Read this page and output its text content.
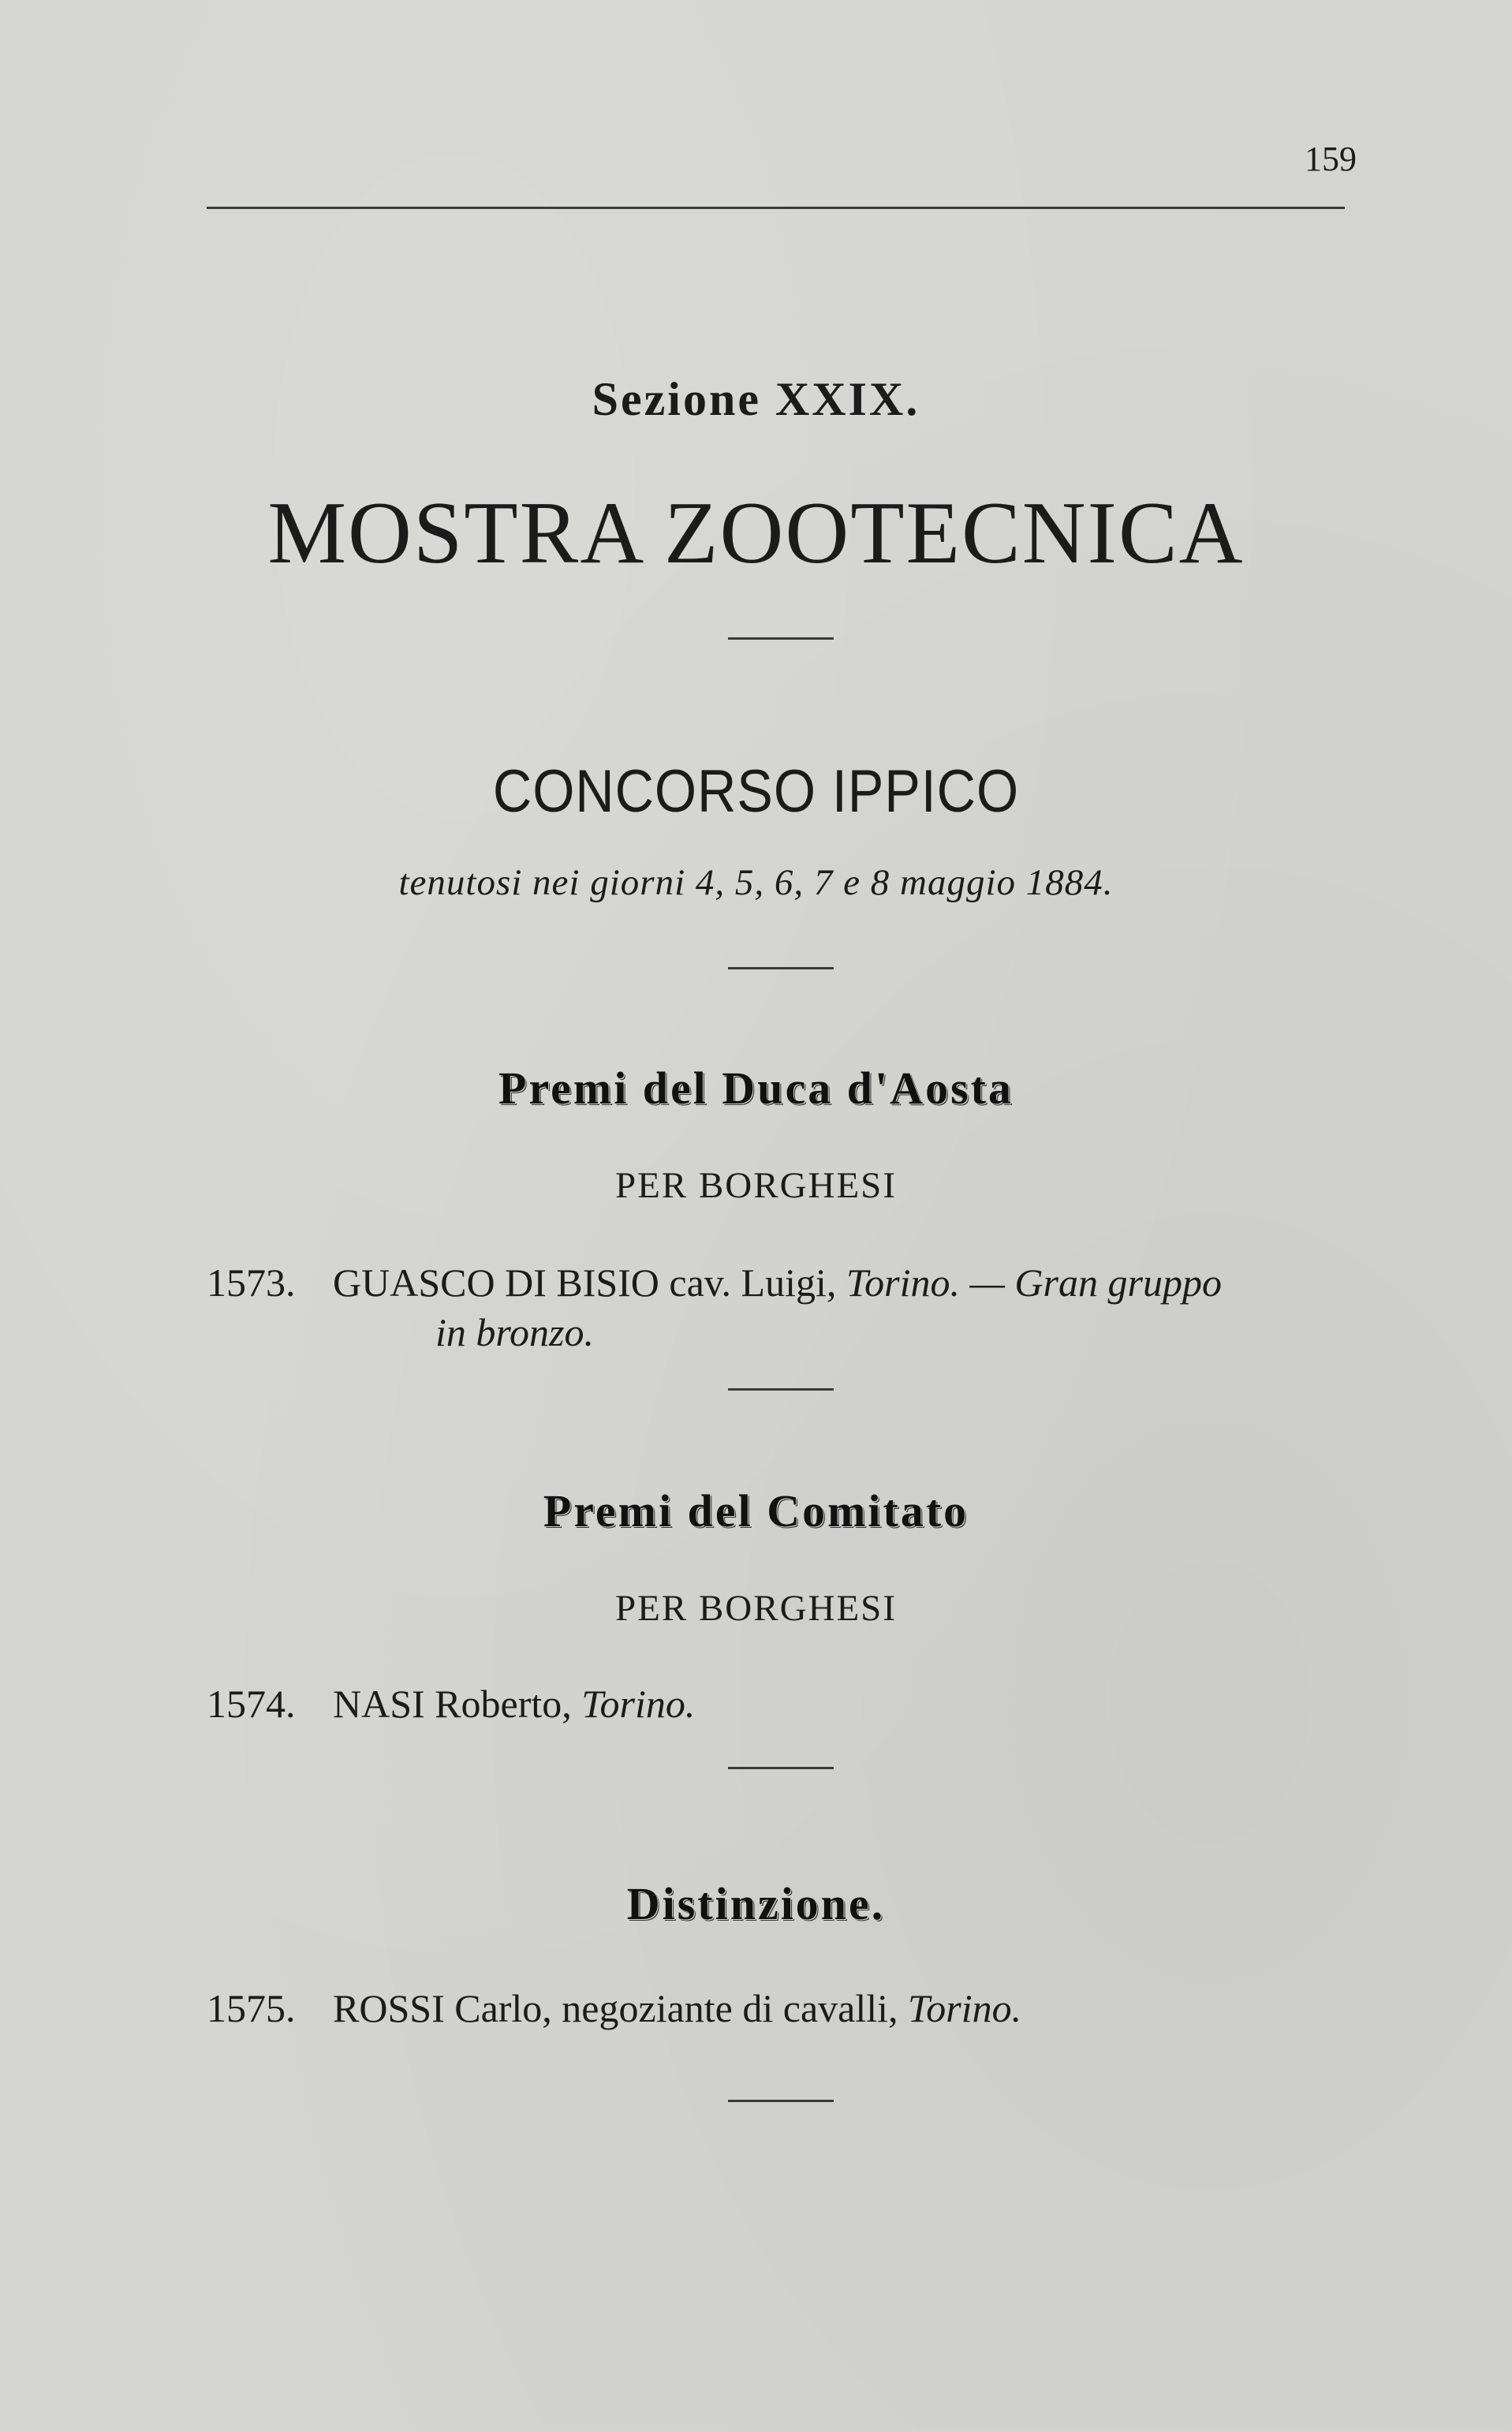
159
Sezione XXIX.
MOSTRA ZOOTECNICA
CONCORSO IPPICO
tenutosi nei giorni 4, 5, 6, 7 e 8 maggio 1884.
Premi del Duca d'Aosta
PER BORGHESI
1573. GUASCO DI BISIO cav. Luigi, Torino. — Gran gruppo
in bronzo.
Premi del Comitato
PER BORGHESI
1574. NASI Roberto, Torino.
Distinzione.
1575. ROSSI Carlo, negoziante di cavalli, Torino.
